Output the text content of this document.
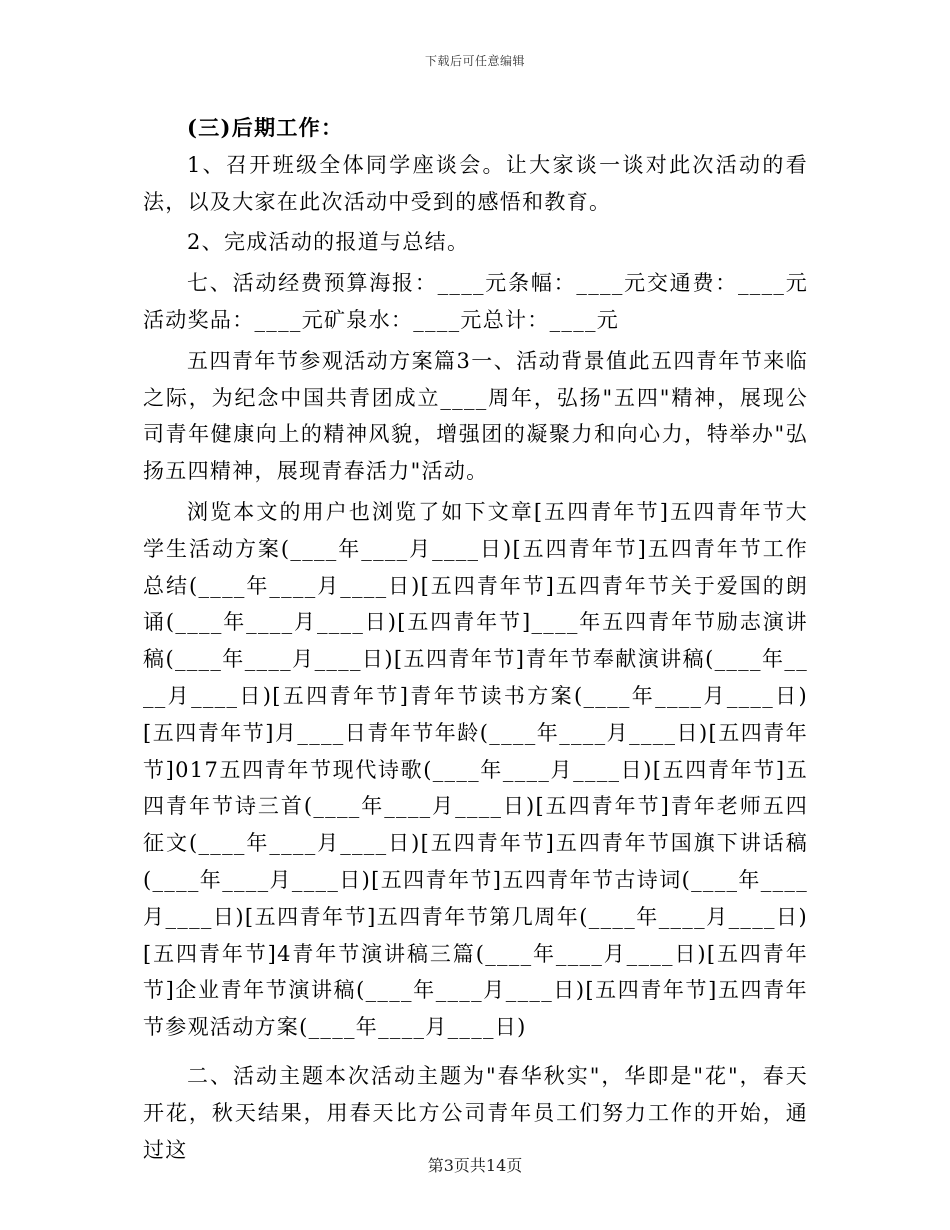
下载后可任意编辑

(三)后期工作：

1、召开班级全体同学座谈会。让大家谈一谈对此次活动的看法，以及大家在此次活动中受到的感悟和教育。

2、完成活动的报道与总结。

七、活动经费预算海报：____元条幅：____元交通费：____元活动奖品：____元矿泉水：____元总计：____元

五四青年节参观活动方案篇3一、活动背景值此五四青年节来临之际，为纪念中国共青团成立____周年，弘扬"五四"精神，展现公司青年健康向上的精神风貌，增强团的凝聚力和向心力，特举办"弘扬五四精神，展现青春活力"活动。

浏览本文的用户也浏览了如下文章[五四青年节]五四青年节大学生活动方案(____年____月____日)[五四青年节]五四青年节工作总结(____年____月____日)[五四青年节]五四青年节关于爱国的朗诵(____年____月____日)[五四青年节]____年五四青年节励志演讲稿(____年____月____日)[五四青年节]青年节奉献演讲稿(____年____月____日)[五四青年节]青年节读书方案(____年____月____日)[五四青年节]月____日青年节年龄(____年____月____日)[五四青年节]017五四青年节现代诗歌(____年____月____日)[五四青年节]五四青年节诗三首(____年____月____日)[五四青年节]青年老师五四征文(____年____月____日)[五四青年节]五四青年节国旗下讲话稿(____年____月____日)[五四青年节]五四青年节古诗词(____年____月____日)[五四青年节]五四青年节第几周年(____年____月____日)[五四青年节]4青年节演讲稿三篇(____年____月____日)[五四青年节]企业青年节演讲稿(____年____月____日)[五四青年节]五四青年节参观活动方案(____年____月____日)

二、活动主题本次活动主题为"春华秋实"，华即是"花"，春天开花，秋天结果，用春天比方公司青年员工们努力工作的开始，通过这

第3页共14页
